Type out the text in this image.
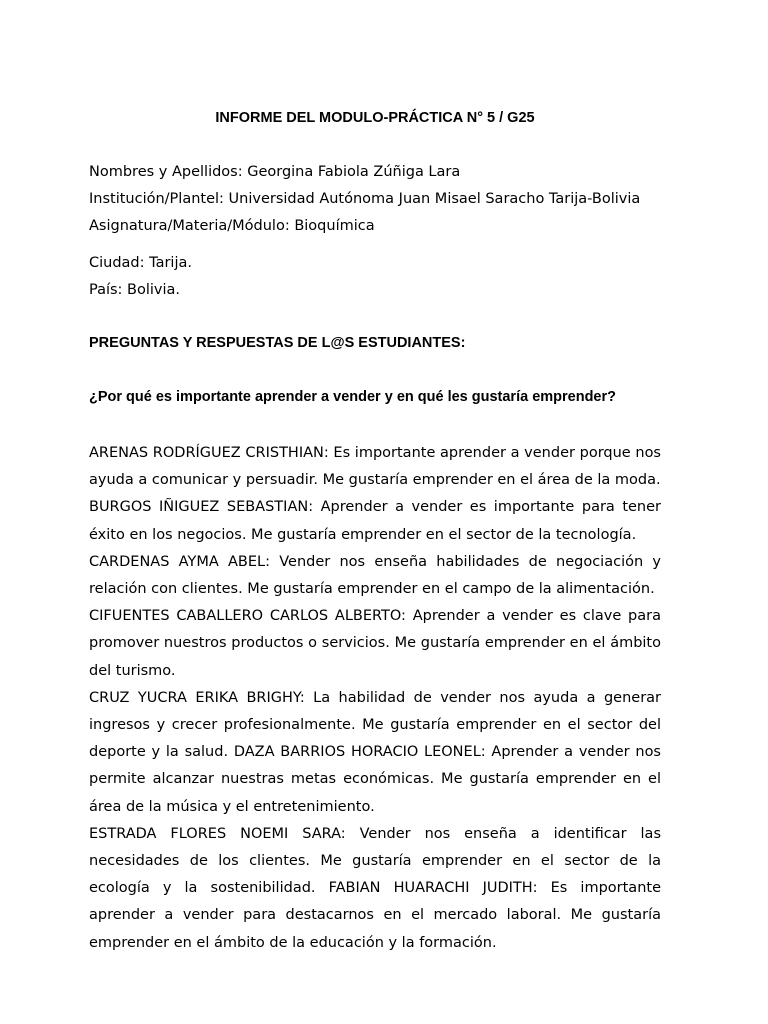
INFORME DEL MODULO-PRÁCTICA N° 5 / G25
Nombres y Apellidos: Georgina Fabiola Zúñiga Lara
Institución/Plantel: Universidad Autónoma Juan Misael Saracho Tarija-Bolivia
Asignatura/Materia/Módulo: Bioquímica
Ciudad: Tarija.
País: Bolivia.
PREGUNTAS Y RESPUESTAS DE L@S ESTUDIANTES:
¿Por qué es importante aprender a vender y en qué les gustaría emprender?

ARENAS RODRÍGUEZ CRISTHIAN: Es importante aprender a vender porque nos ayuda a comunicar y persuadir. Me gustaría emprender en el área de la moda.

BURGOS IÑIGUEZ SEBASTIAN: Aprender a vender es importante para tener éxito en los negocios. Me gustaría emprender en el sector de la tecnología.

CARDENAS AYMA ABEL: Vender nos enseña habilidades de negociación y relación con clientes. Me gustaría emprender en el campo de la alimentación.

CIFUENTES CABALLERO CARLOS ALBERTO: Aprender a vender es clave para promover nuestros productos o servicios. Me gustaría emprender en el ámbito del turismo.

CRUZ YUCRA ERIKA BRIGHY: La habilidad de vender nos ayuda a generar ingresos y crecer profesionalmente. Me gustaría emprender en el sector del deporte y la salud. DAZA BARRIOS HORACIO LEONEL: Aprender a vender nos permite alcanzar nuestras metas económicas. Me gustaría emprender en el área de la música y el entretenimiento.

ESTRADA FLORES NOEMI SARA: Vender nos enseña a identificar las necesidades de los clientes. Me gustaría emprender en el sector de la ecología y la sostenibilidad. FABIAN HUARACHI JUDITH: Es importante aprender a vender para destacarnos en el mercado laboral. Me gustaría emprender en el ámbito de la educación y la formación.
